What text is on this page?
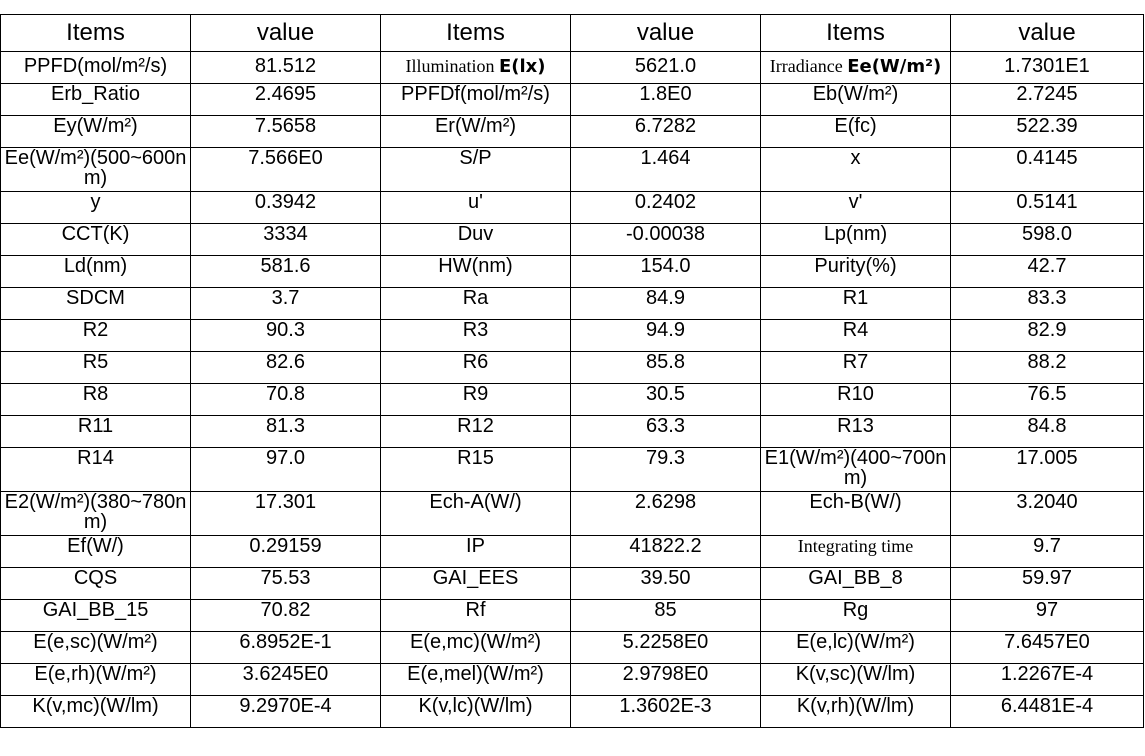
Items	value	Items	value	Items	value
PPFD(mol/m²/s)	81.512	Illumination E(lx)	5621.0	Irradiance Ee(W/m²)	1.7301E1
Erb_Ratio	2.4695	PPFDf(mol/m²/s)	1.8E0	Eb(W/m²)	2.7245
Ey(W/m²)	7.5658	Er(W/m²)	6.7282	E(fc)	522.39
Ee(W/m²)(500~600nm)	7.566E0	S/P	1.464	x	0.4145
y	0.3942	u'	0.2402	v'	0.5141
CCT(K)	3334	Duv	-0.00038	Lp(nm)	598.0
Ld(nm)	581.6	HW(nm)	154.0	Purity(%)	42.7
SDCM	3.7	Ra	84.9	R1	83.3
R2	90.3	R3	94.9	R4	82.9
R5	82.6	R6	85.8	R7	88.2
R8	70.8	R9	30.5	R10	76.5
R11	81.3	R12	63.3	R13	84.8
R14	97.0	R15	79.3	E1(W/m²)(400~700nm)	17.005
E2(W/m²)(380~780nm)	17.301	Ech-A(W/)	2.6298	Ech-B(W/)	3.2040
Ef(W/)	0.29159	IP	41822.2	Integrating time	9.7
CQS	75.53	GAI_EES	39.50	GAI_BB_8	59.97
GAI_BB_15	70.82	Rf	85	Rg	97
E(e,sc)(W/m²)	6.8952E-1	E(e,mc)(W/m²)	5.2258E0	E(e,lc)(W/m²)	7.6457E0
E(e,rh)(W/m²)	3.6245E0	E(e,mel)(W/m²)	2.9798E0	K(v,sc)(W/lm)	1.2267E-4
K(v,mc)(W/lm)	9.2970E-4	K(v,lc)(W/lm)	1.3602E-3	K(v,rh)(W/lm)	6.4481E-4
